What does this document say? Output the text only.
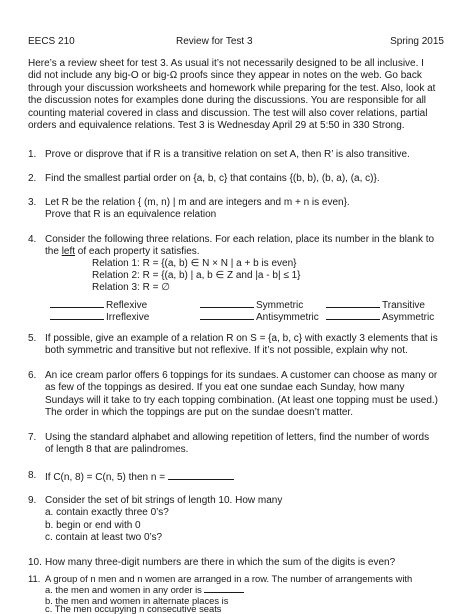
EECS 210	Review for Test 3	Spring 2015
Here’s a review sheet for test 3. As usual it’s not necessarily designed to be all inclusive. I
did not include any big-O or big-Ω proofs since they appear in notes on the web. Go back
through your discussion worksheets and homework while preparing for the test. Also, look at
the discussion notes for examples done during the discussions. You are responsible for all
counting material covered in class and discussion. The test will also cover relations, partial
orders and equivalence relations. Test 3 is Wednesday April 29 at 5:50 in 330 Strong.
1. Prove or disprove that if R is a transitive relation on set A, then R’ is also transitive.
2. Find the smallest partial order on {a, b, c} that contains {(b, b), (b, a), (a, c)}.
3. Let R be the relation { (m, n) | m and are integers and m + n is even}.
Prove that R is an equivalence relation
4. Consider the following three relations. For each relation, place its number in the blank to
the left of each property it satisfies.
Relation 1: R = {(a, b) ∈ N × N | a + b is even}
Relation 2: R = {(a, b) | a, b ∈ Z and |a - b| ≤ 1}
Relation 3: R = ∅
Reflexive	Symmetric	Transitive
Irreflexive	Antisymmetric	Asymmetric
5. If possible, give an example of a relation R on S = {a, b, c} with exactly 3 elements that is
both symmetric and transitive but not reflexive. If it’s not possible, explain why not.
6. An ice cream parlor offers 6 toppings for its sundaes. A customer can choose as many or
as few of the toppings as desired. If you eat one sundae each Sunday, how many
Sundays will it take to try each topping combination. (At least one topping must be used.)
The order in which the toppings are put on the sundae doesn’t matter.
7. Using the standard alphabet and allowing repetition of letters, find the number of words
of length 8 that are palindromes.
8. If C(n, 8) = C(n, 5) then n =
9. Consider the set of bit strings of length 10. How many
a. contain exactly three 0’s?
b. begin or end with 0
c. contain at least two 0’s?
10. How many three-digit numbers are there in which the sum of the digits is even?
11. A group of n men and n women are arranged in a row. The number of arrangements with
a. the men and women in any order is
b. the men and women in alternate places is
c. The men occupying n consecutive seats
